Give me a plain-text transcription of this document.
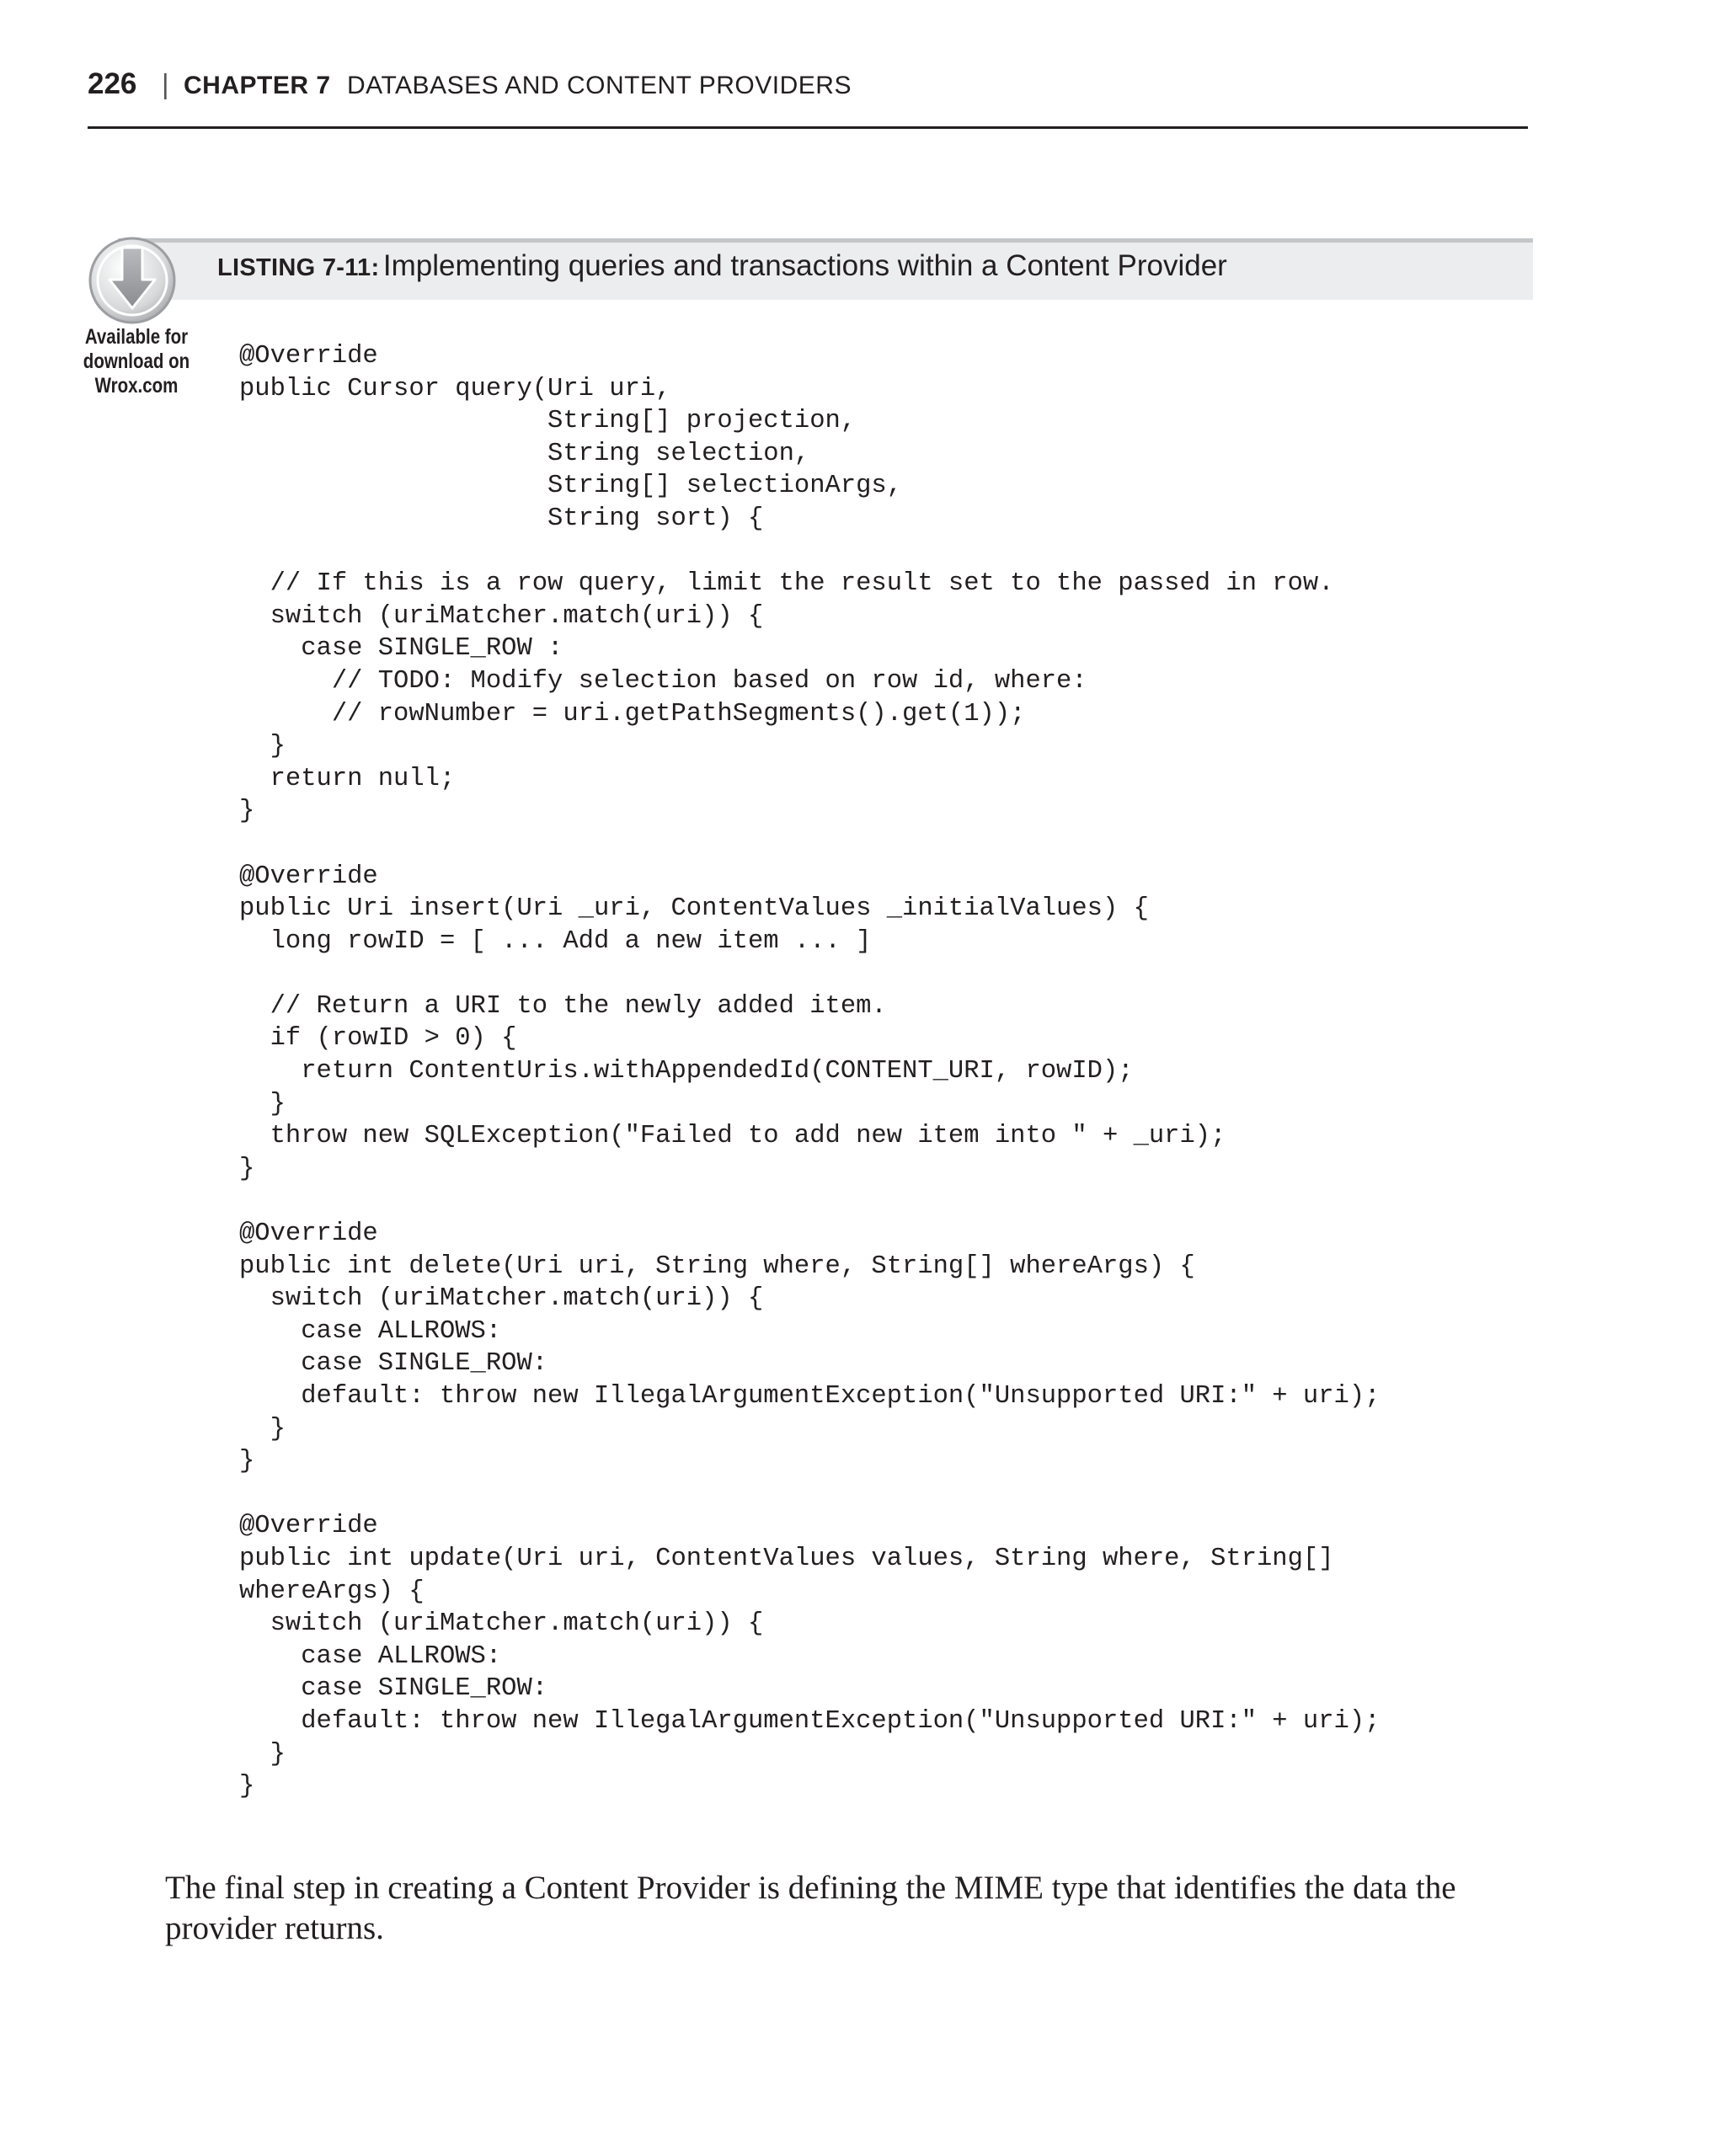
226 | CHAPTER 7 DATABASES AND CONTENT PROVIDERS
LISTING 7-11: Implementing queries and transactions within a Content Provider
Available for
download on
Wrox.com
@Override
public Cursor query(Uri uri,
String[] projection,
String selection,
String[] selectionArgs,
String sort) {

// If this is a row query, limit the result set to the passed in row.
switch (uriMatcher.match(uri)) {
case SINGLE_ROW :
// TODO: Modify selection based on row id, where:
// rowNumber = uri.getPathSegments().get(1));
}
return null;
}

@Override
public Uri insert(Uri _uri, ContentValues _initialValues) {
long rowID = [ ... Add a new item ... ]

// Return a URI to the newly added item.
if (rowID > 0) {
return ContentUris.withAppendedId(CONTENT_URI, rowID);
}
throw new SQLException("Failed to add new item into " + _uri);
}

@Override
public int delete(Uri uri, String where, String[] whereArgs) {
switch (uriMatcher.match(uri)) {
case ALLROWS:
case SINGLE_ROW:
default: throw new IllegalArgumentException("Unsupported URI:" + uri);
}
}

@Override
public int update(Uri uri, ContentValues values, String where, String[]
whereArgs) {
switch (uriMatcher.match(uri)) {
case ALLROWS:
case SINGLE_ROW:
default: throw new IllegalArgumentException("Unsupported URI:" + uri);
}
}

The final step in creating a Content Provider is defining the MIME type that identifies the data the provider returns.
